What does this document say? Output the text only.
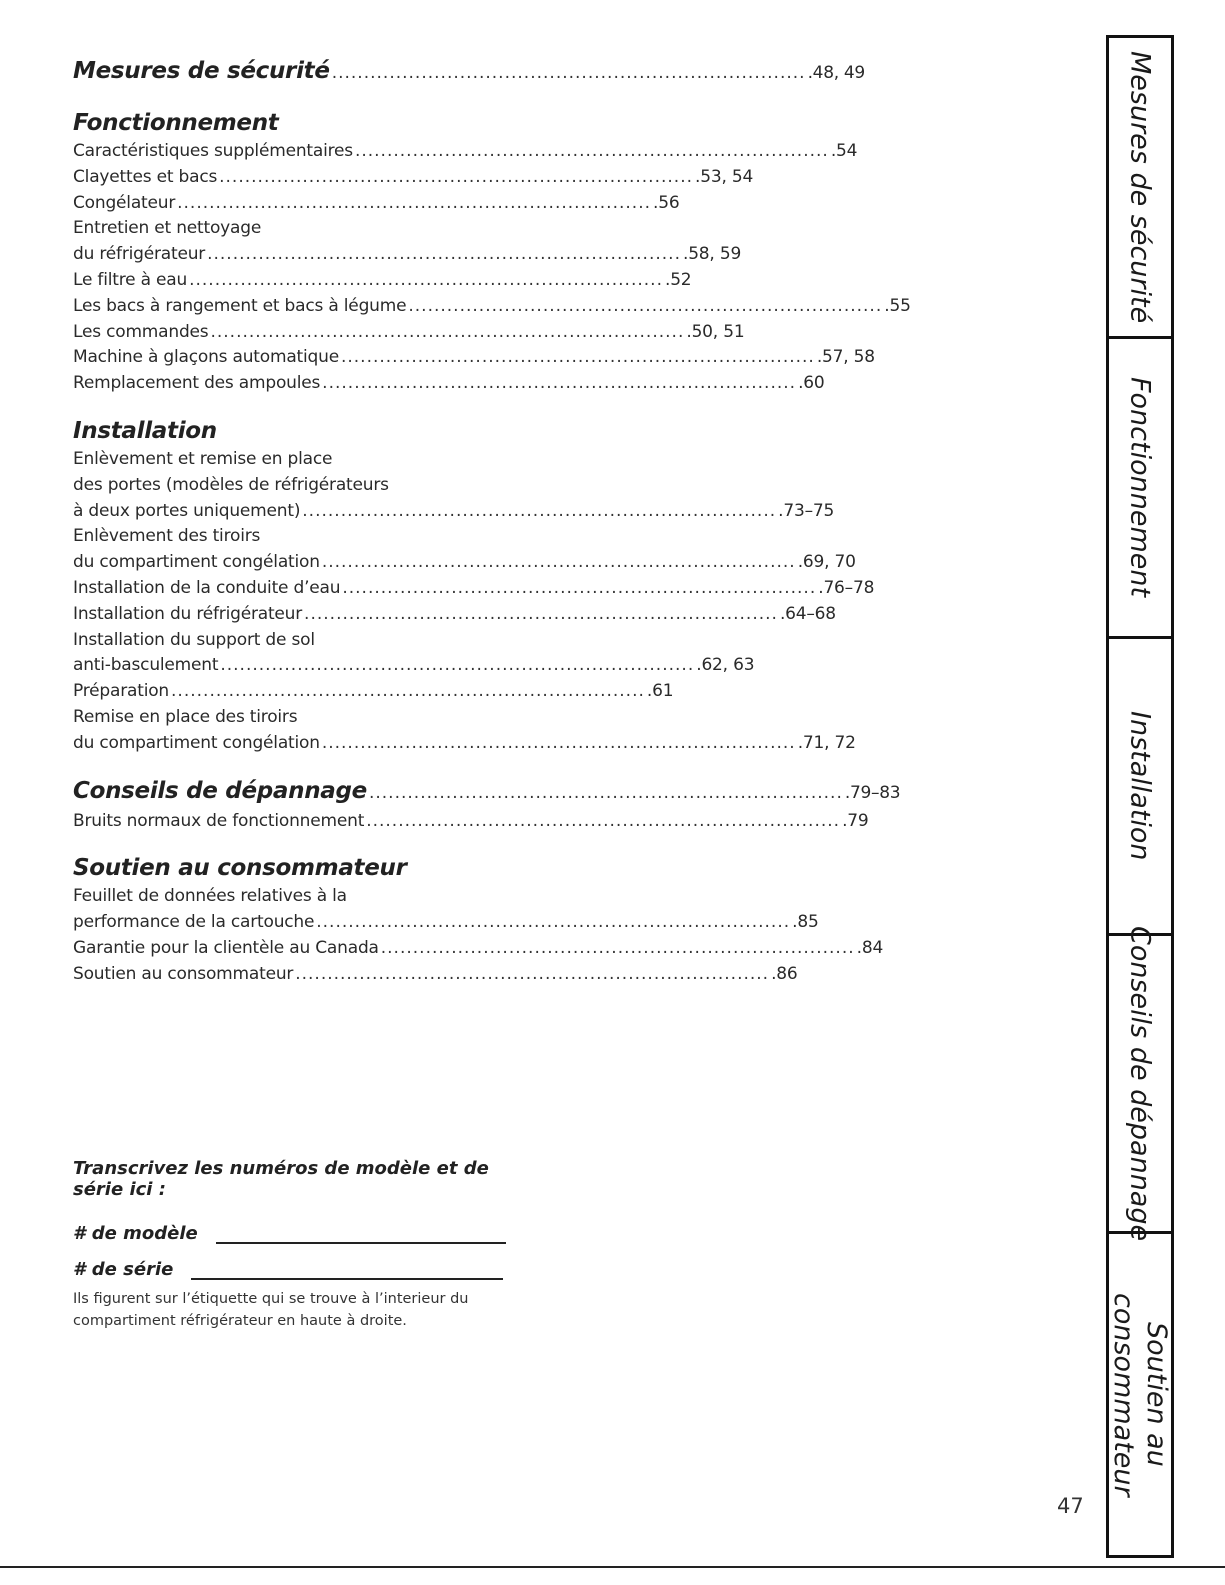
Mesures de sécurité .......................................................................... .48, 49
Fonctionnement
Caractéristiques supplémentaires .......................................................................... .54
Clayettes et bacs .......................................................................... .53, 54
Congélateur .......................................................................... .56
Entretien et nettoyage
du réfrigérateur .......................................................................... .58, 59
Le filtre à eau .......................................................................... .52
Les bacs à rangement et bacs à légume .......................................................................... .55
Les commandes .......................................................................... .50, 51
Machine à glaçons automatique .......................................................................... .57, 58
Remplacement des ampoules .......................................................................... .60
Installation
Enlèvement et remise en place
des portes (modèles de réfrigérateurs
à deux portes uniquement) .......................................................................... .73–75
Enlèvement des tiroirs
du compartiment congélation .......................................................................... .69, 70
Installation de la conduite d’eau .......................................................................... .76–78
Installation du réfrigérateur .......................................................................... .64–68
Installation du support de sol
anti-basculement .......................................................................... .62, 63
Préparation .......................................................................... .61
Remise en place des tiroirs
du compartiment congélation .......................................................................... .71, 72
Conseils de dépannage .......................................................................... .79–83
Bruits normaux de fonctionnement .......................................................................... .79
Soutien au consommateur
Feuillet de données relatives à la
performance de la cartouche .......................................................................... .85
Garantie pour la clientèle au Canada .......................................................................... .84
Soutien au consommateur .......................................................................... .86
Transcrivez les numéros de modèle et de série ici :
# de modèle
# de série
Ils figurent sur l’étiquette qui se trouve à l’interieur du compartiment réfrigérateur en haute à droite.
47
Mesures de sécurité
Fonctionnement
Installation
Conseils de dépannage
Soutien au
consommateur
